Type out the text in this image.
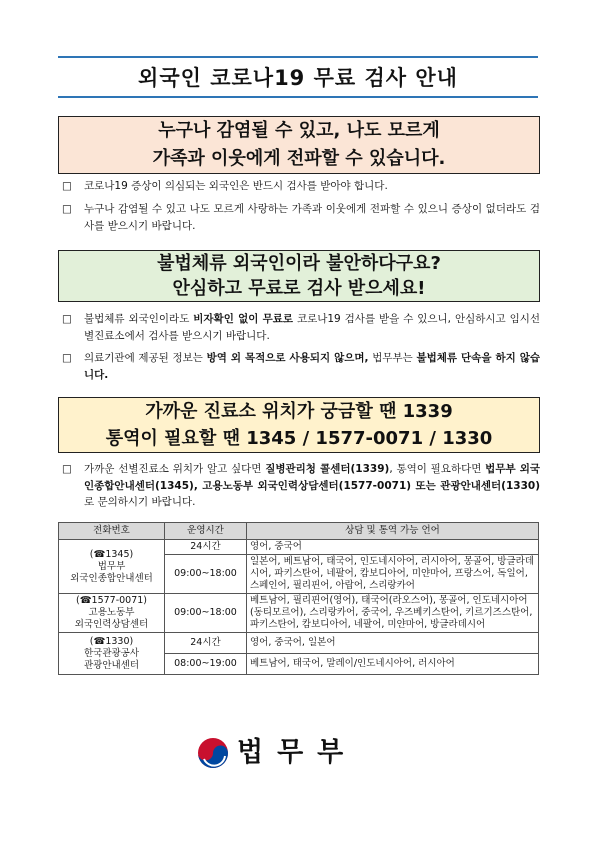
외국인 코로나19 무료 검사 안내
누구나 감염될 수 있고, 나도 모르게
가족과 이웃에게 전파할 수 있습니다.
□ 코로나19 증상이 의심되는 외국인은 반드시 검사를 받아야 합니다.
□ 누구나 감염될 수 있고 나도 모르게 사랑하는 가족과 이웃에게 전파할 수 있으니 증상이 없더라도 검사를 받으시기 바랍니다.
불법체류 외국인이라 불안하다구요?
안심하고 무료로 검사 받으세요!
□ 불법체류 외국인이라도 비자확인 없이 무료로 코로나19 검사를 받을 수 있으니, 안심하시고 임시선별진료소에서 검사를 받으시기 바랍니다.
□ 의료기관에 제공된 정보는 방역 외 목적으로 사용되지 않으며, 법무부는 불법체류 단속을 하지 않습니다.
가까운 진료소 위치가 궁금할 땐 1339
통역이 필요할 땐 1345 / 1577-0071 / 1330
□ 가까운 선별진료소 위치가 알고 싶다면 질병관리청 콜센터(1339), 통역이 필요하다면 법무부 외국인종합안내센터(1345), 고용노동부 외국인력상담센터(1577-0071) 또는 관광안내센터(1330)로 문의하시기 바랍니다.
전화번호	운영시간	상담 및 통역 가능 언어

(☎1345)
법무부
외국인종합안내센터	24시간	영어, 중국어
	09:00~18:00	일본어, 베트남어, 태국어, 인도네시아어, 러시아어, 몽골어, 방글라데시어, 파키스탄어, 네팔어, 캄보디아어, 미얀마어, 프랑스어, 독일어, 스페인어, 필리핀어, 아랍어, 스리랑카어

(☎1577-0071)
고용노동부
외국인력상담센터	09:00~18:00	베트남어, 필리핀어(영어), 태국어(라오스어), 몽골어, 인도네시아어(동티모르어), 스리랑카어, 중국어, 우즈베키스탄어, 키르기즈스탄어, 파키스탄어, 캄보디아어, 네팔어, 미얀마어, 방글라데시어

(☎1330)
한국관광공사
관광안내센터	24시간	영어, 중국어, 일본어
	08:00~19:00	베트남어, 태국어, 말레이/인도네시아어, 러시아어
법무부
